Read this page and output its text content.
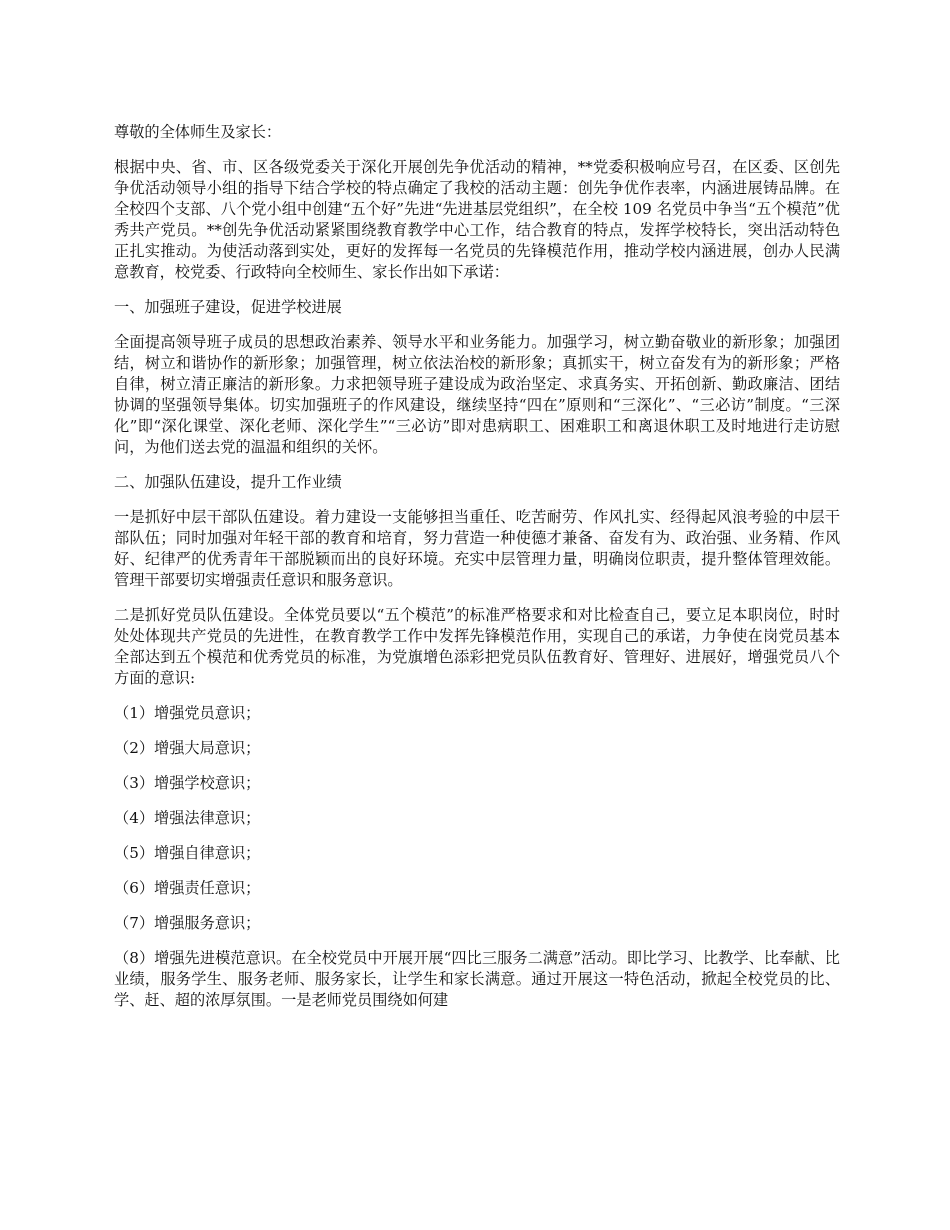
尊敬的全体师生及家长：

根据中央、省、市、区各级党委关于深化开展创先争优活动的精神，**党委积极响应号召，在区委、区创先争优活动领导小组的指导下结合学校的特点确定了我校的活动主题：创先争优作表率，内涵进展铸品牌。在全校四个支部、八个党小组中创建“五个好”先进“先进基层党组织”，在全校 109 名党员中争当“五个模范”优秀共产党员。**创先争优活动紧紧围绕教育教学中心工作，结合教育的特点，发挥学校特长，突出活动特色正扎实推动。为使活动落到实处，更好的发挥每一名党员的先锋模范作用，推动学校内涵进展，创办人民满意教育，校党委、行政特向全校师生、家长作出如下承诺：

一、加强班子建设，促进学校进展

全面提高领导班子成员的思想政治素养、领导水平和业务能力。加强学习，树立勤奋敬业的新形象；加强团结，树立和谐协作的新形象；加强管理，树立依法治校的新形象；真抓实干，树立奋发有为的新形象；严格自律，树立清正廉洁的新形象。力求把领导班子建设成为政治坚定、求真务实、开拓创新、勤政廉洁、团结协调的坚强领导集体。切实加强班子的作风建设，继续坚持“四在”原则和“三深化”、“三必访”制度。“三深化”即“深化课堂、深化老师、深化学生”“三必访”即对患病职工、困难职工和离退休职工及时地进行走访慰问，为他们送去党的温温和组织的关怀。

二、加强队伍建设，提升工作业绩

一是抓好中层干部队伍建设。着力建设一支能够担当重任、吃苦耐劳、作风扎实、经得起风浪考验的中层干部队伍；同时加强对年轻干部的教育和培育，努力营造一种使德才兼备、奋发有为、政治强、业务精、作风好、纪律严的优秀青年干部脱颖而出的良好环境。充实中层管理力量，明确岗位职责，提升整体管理效能。管理干部要切实增强责任意识和服务意识。

二是抓好党员队伍建设。全体党员要以“五个模范”的标准严格要求和对比检查自己，要立足本职岗位，时时处处体现共产党员的先进性，在教育教学工作中发挥先锋模范作用，实现自己的承诺，力争使在岗党员基本全部达到五个模范和优秀党员的标准，为党旗增色添彩把党员队伍教育好、管理好、进展好，增强党员八个方面的意识:

（1）增强党员意识；

（2）增强大局意识；

（3）增强学校意识；

（4）增强法律意识；

（5）增强自律意识；

（6）增强责任意识；

（7）增强服务意识；

（8）增强先进模范意识。在全校党员中开展开展“四比三服务二满意”活动。即比学习、比教学、比奉献、比业绩，服务学生、服务老师、服务家长，让学生和家长满意。通过开展这一特色活动，掀起全校党员的比、学、赶、超的浓厚氛围。一是老师党员围绕如何建
